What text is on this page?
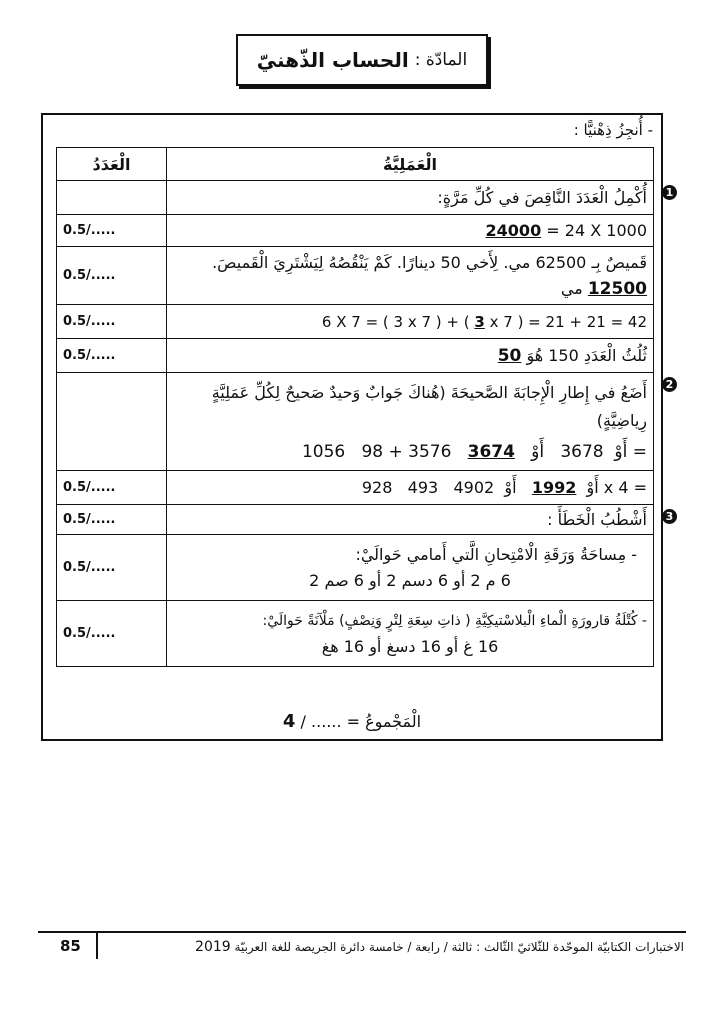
المادّة :
الحساب الذّهنيّ
- أُنجِزُ ذِهْنيًّا :
الْعَمَلِيَّةُ	الْعَدَدُ

1
أُكْمِلُ الْعَدَدَ النَّاقِصَ في كُلِّ مَرَّةٍ:	
24000 = 24 X 1000	0.5/.....

قَميصٌ بِـ 62500 مي. لِأَخي 50 دينارًا. كَمْ يَنْقُصُهُ لِيَشْتَرِيَ الْقَميصَ.
12500 مي	0.5/.....
6 X 7 = ( 3 x 7 ) + ( 3 x 7 ) = 21 + 21 = 42	0.5/.....
ثُلُثُ الْعَدَدِ 150 هُوَ 50	0.5/.....

2
أَضَعُ في إِطارِ الْإِجابَةَ الصَّحيحَةَ (هُناكَ جَوابٌ وَحيدٌ صَحيحٌ لِكُلِّ عَمَلِيَّةٍ رِياضِيَّةٍ)
1056 أَوْ  3678   أَوْ   3674   3576 + 98 =	

928 أَوْ  1992   أَوْ  4902   493 x 4 =	0.5/.....

3
أَشْطُبُ الْخَطَأَ :	0.5/.....

- مِساحَةُ وَرَقَةِ الْامْتِحانِ الَّتي أَمامي حَوالَيْ:
6 م 2 أو 6 دسم 2 أو 6 صم 2	0.5/.....

- كُتْلَةُ قارورَةِ الْماءِ الْبلاسْتيكِيَّةِ ( ذاتِ سِعَةِ لِتْرٍ وَنِصْفٍ) مَلْآنَةً حَوالَيْ:
16 غ أو 16 دسغ أو 16 هغ	0.5/.....
الْمَجْموعُ = ...... / 4
85	الاختبارات الكتابيّة الموحّدة للثّلاثيّ الثّالث : ثالثة / رابعة / خامسة دائرة الجريصة للغة العربيّة 2019
